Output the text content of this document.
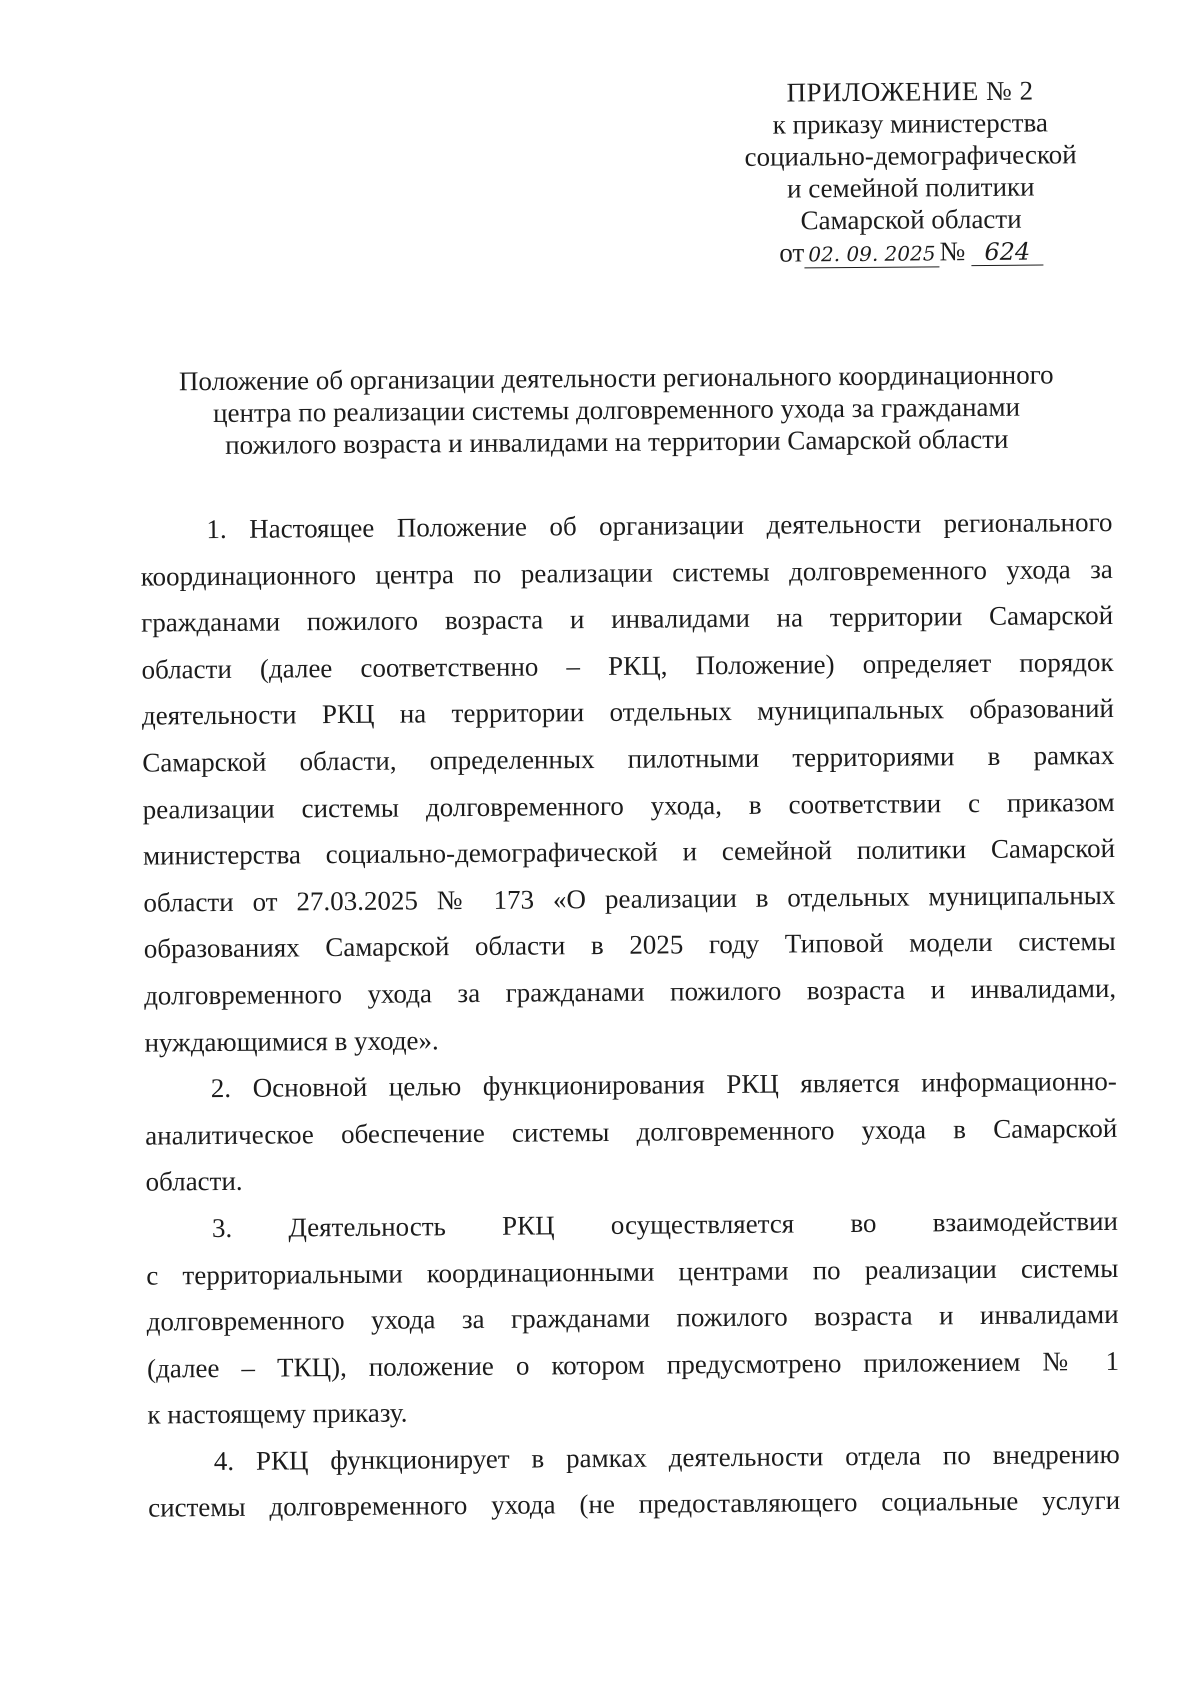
ПРИЛОЖЕНИЕ № 2
к приказу министерства
социально-демографической
и семейной политики
Самарской области
от 02. 09. 2025 № 624
Положение об организации деятельности регионального координационного
центра по реализации системы долговременного ухода за гражданами
пожилого возраста и инвалидами на территории Самарской области
1. Настоящее Положение об организации деятельности регионального
координационного центра по реализации системы долговременного ухода за
гражданами пожилого возраста и инвалидами на территории Самарской
области (далее соответственно – РКЦ, Положение) определяет порядок
деятельности РКЦ на территории отдельных муниципальных образований
Самарской области, определенных пилотными территориями в рамках
реализации системы долговременного ухода, в соответствии с приказом
министерства социально-демографической и семейной политики Самарской
области от 27.03.2025 № 173 «О реализации в отдельных муниципальных
образованиях Самарской области в 2025 году Типовой модели системы
долговременного ухода за гражданами пожилого возраста и инвалидами,
нуждающимися в уходе».
2. Основной целью функционирования РКЦ является информационно-
аналитическое обеспечение системы долговременного ухода в Самарской
области.
3. Деятельность РКЦ осуществляется во взаимодействии
с территориальными координационными центрами по реализации системы
долговременного ухода за гражданами пожилого возраста и инвалидами
(далее – ТКЦ), положение о котором предусмотрено приложением № 1
к настоящему приказу.
4. РКЦ функционирует в рамках деятельности отдела по внедрению
системы долговременного ухода (не предоставляющего социальные услуги
